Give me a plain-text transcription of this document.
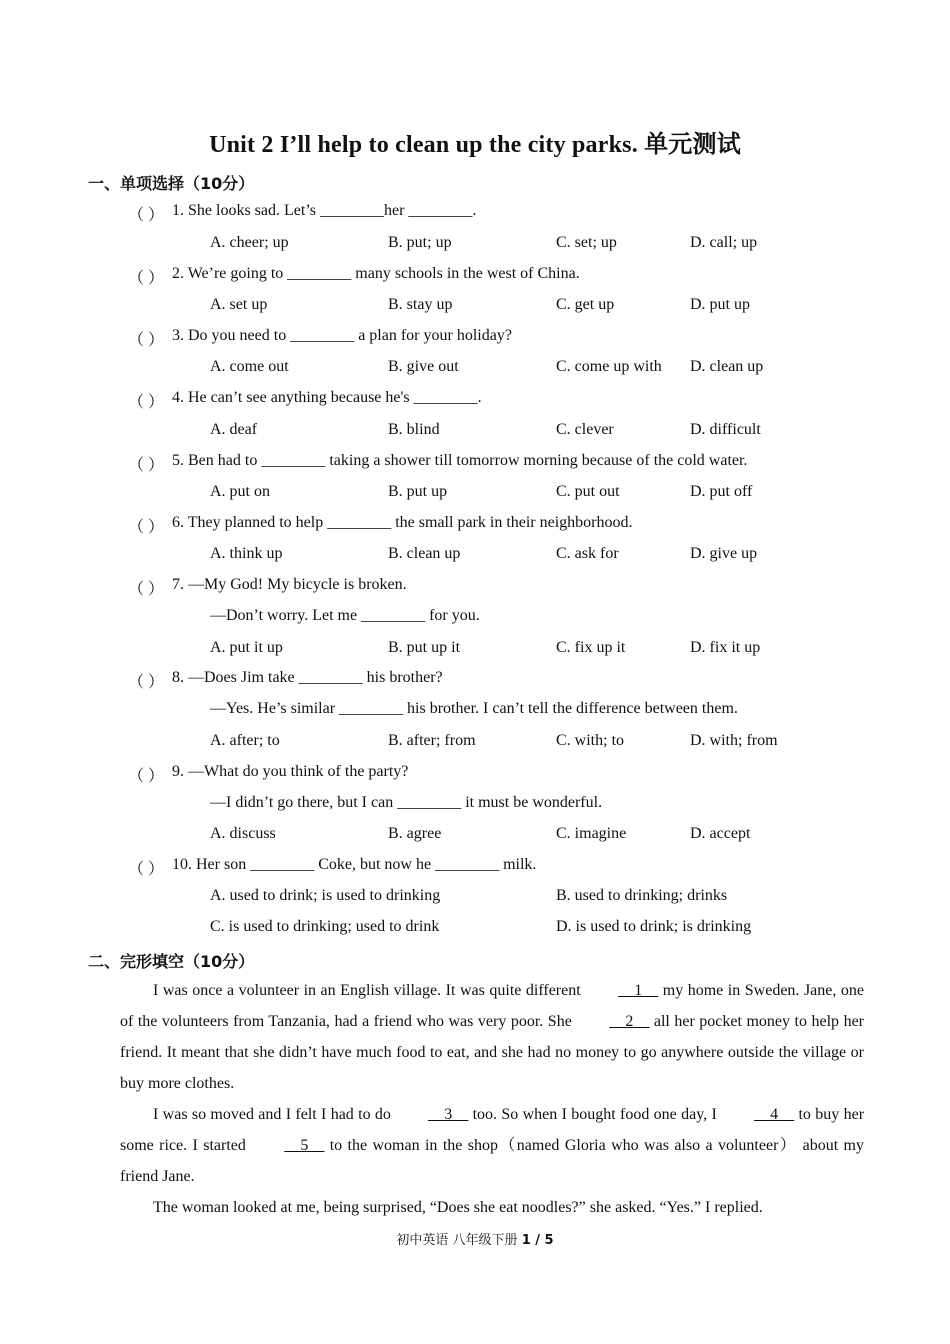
Unit 2 I’ll help to clean up the city parks. 单元测试
一、单项选择（10分）
（ ） 1. She looks sad. Let’s ________her ________.
A. cheer; up	B. put; up	C. set; up	D. call; up
（ ） 2. We’re going to ________ many schools in the west of China.
A. set up	B. stay up	C. get up	D. put up
（ ） 3. Do you need to ________ a plan for your holiday?
A. come out	B. give out	C. come up with D. clean up
（ ） 4. He can’t see anything because he's ________.
A. deaf	B. blind	C. clever	D. difficult
（ ） 5. Ben had to ________ taking a shower till tomorrow morning because of the cold water.
A. put on	B. put up	C. put out	D. put off
（ ） 6. They planned to help ________ the small park in their neighborhood.
A. think up	B. clean up	C. ask for	D. give up
（ ） 7. —My God! My bicycle is broken.
—Don’t worry. Let me ________ for you.
A. put it up	B. put up it	C. fix up it	D. fix it up
（ ） 8. —Does Jim take ________ his brother?
—Yes. He’s similar ________ his brother. I can’t tell the difference between them.
A. after; to	B. after; from	C. with; to	D. with; from
（ ） 9. —What do you think of the party?
—I didn’t go there, but I can ________ it must be wonderful.
A. discuss	B. agree	C. imagine	D. accept
（ ） 10. Her son ________ Coke, but now he ________ milk.
A. used to drink; is used to drinking	B. used to drinking; drinks
C. is used to drinking; used to drink	D. is used to drink; is drinking
二、完形填空（10分）

I was once a volunteer in an English village. It was quite different __1__ my home in Sweden. Jane, one of the volunteers from Tanzania, had a friend who was very poor. She __2__ all her pocket money to help her friend. It meant that she didn’t have much food to eat, and she had no money to go anywhere outside the village or buy more clothes.

I was so moved and I felt I had to do __3__ too. So when I bought food one day, I __4__ to buy her some rice. I started __5__ to the woman in the shop（named Gloria who was also a volunteer） about my friend Jane.

The woman looked at me, being surprised, “Does she eat noodles?” she asked. “Yes.” I replied.

初中英语 八年级下册 1 / 5
